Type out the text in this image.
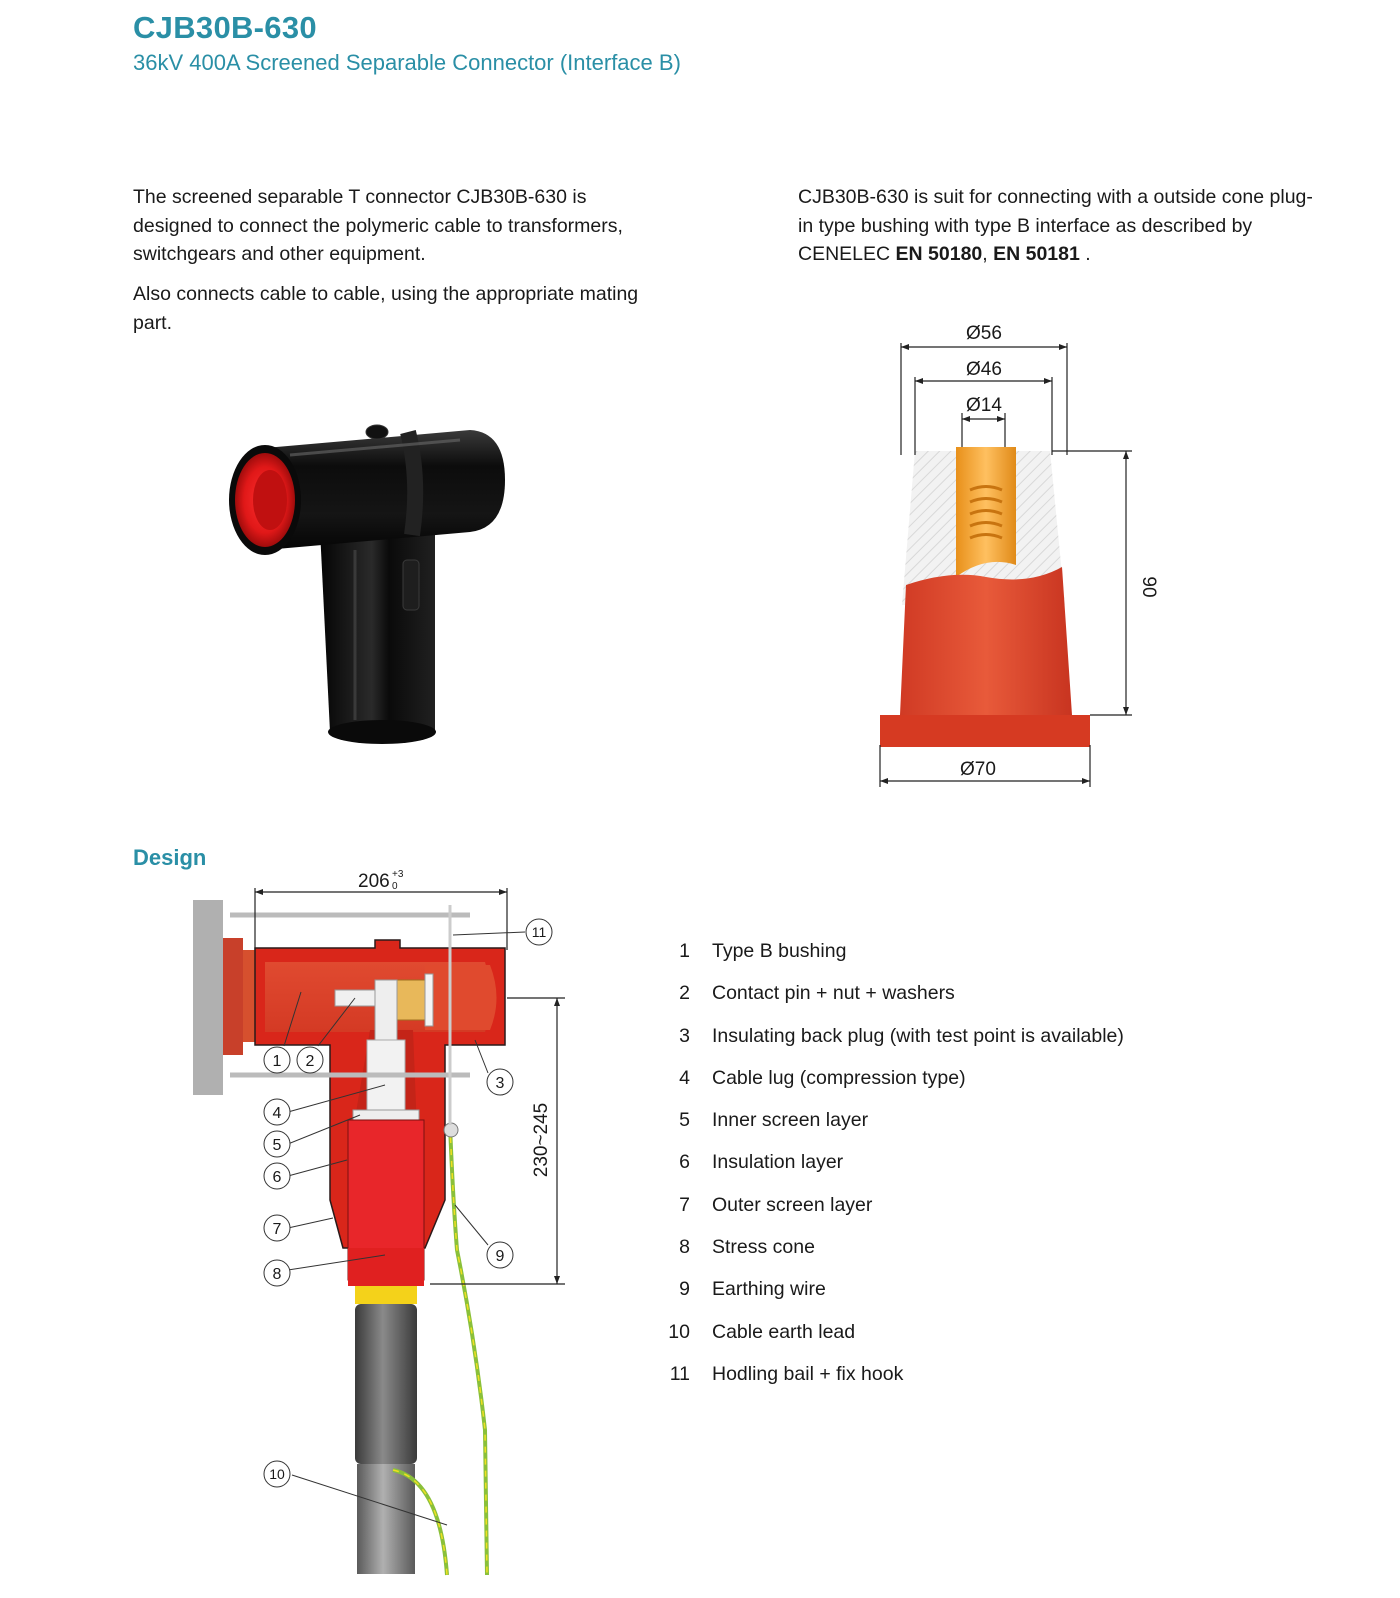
CJB30B-630
36kV 400A Screened Separable Connector (Interface B)
The screened separable T connector CJB30B-630 is designed to connect the polymeric cable to transformers, switchgears and other equipment.
Also connects cable to cable, using the appropriate mating part.
CJB30B-630 is suit for connecting with a outside cone plug-in type bushing with type B interface as described by CENELEC EN 50180, EN 50181 .
Ø56
Ø46
Ø14
90
Ø70
Design
206 +3
0
230~245
1 2
3
4
5
6
7
8
9
10
11
1 Type B bushing
2 Contact pin + nut + washers
3 Insulating back plug (with test point is available)
4 Cable lug (compression type)
5 Inner screen layer
6 Insulation layer
7 Outer screen layer
8 Stress cone
9 Earthing wire
10 Cable earth lead
11 Hodling bail + fix hook
